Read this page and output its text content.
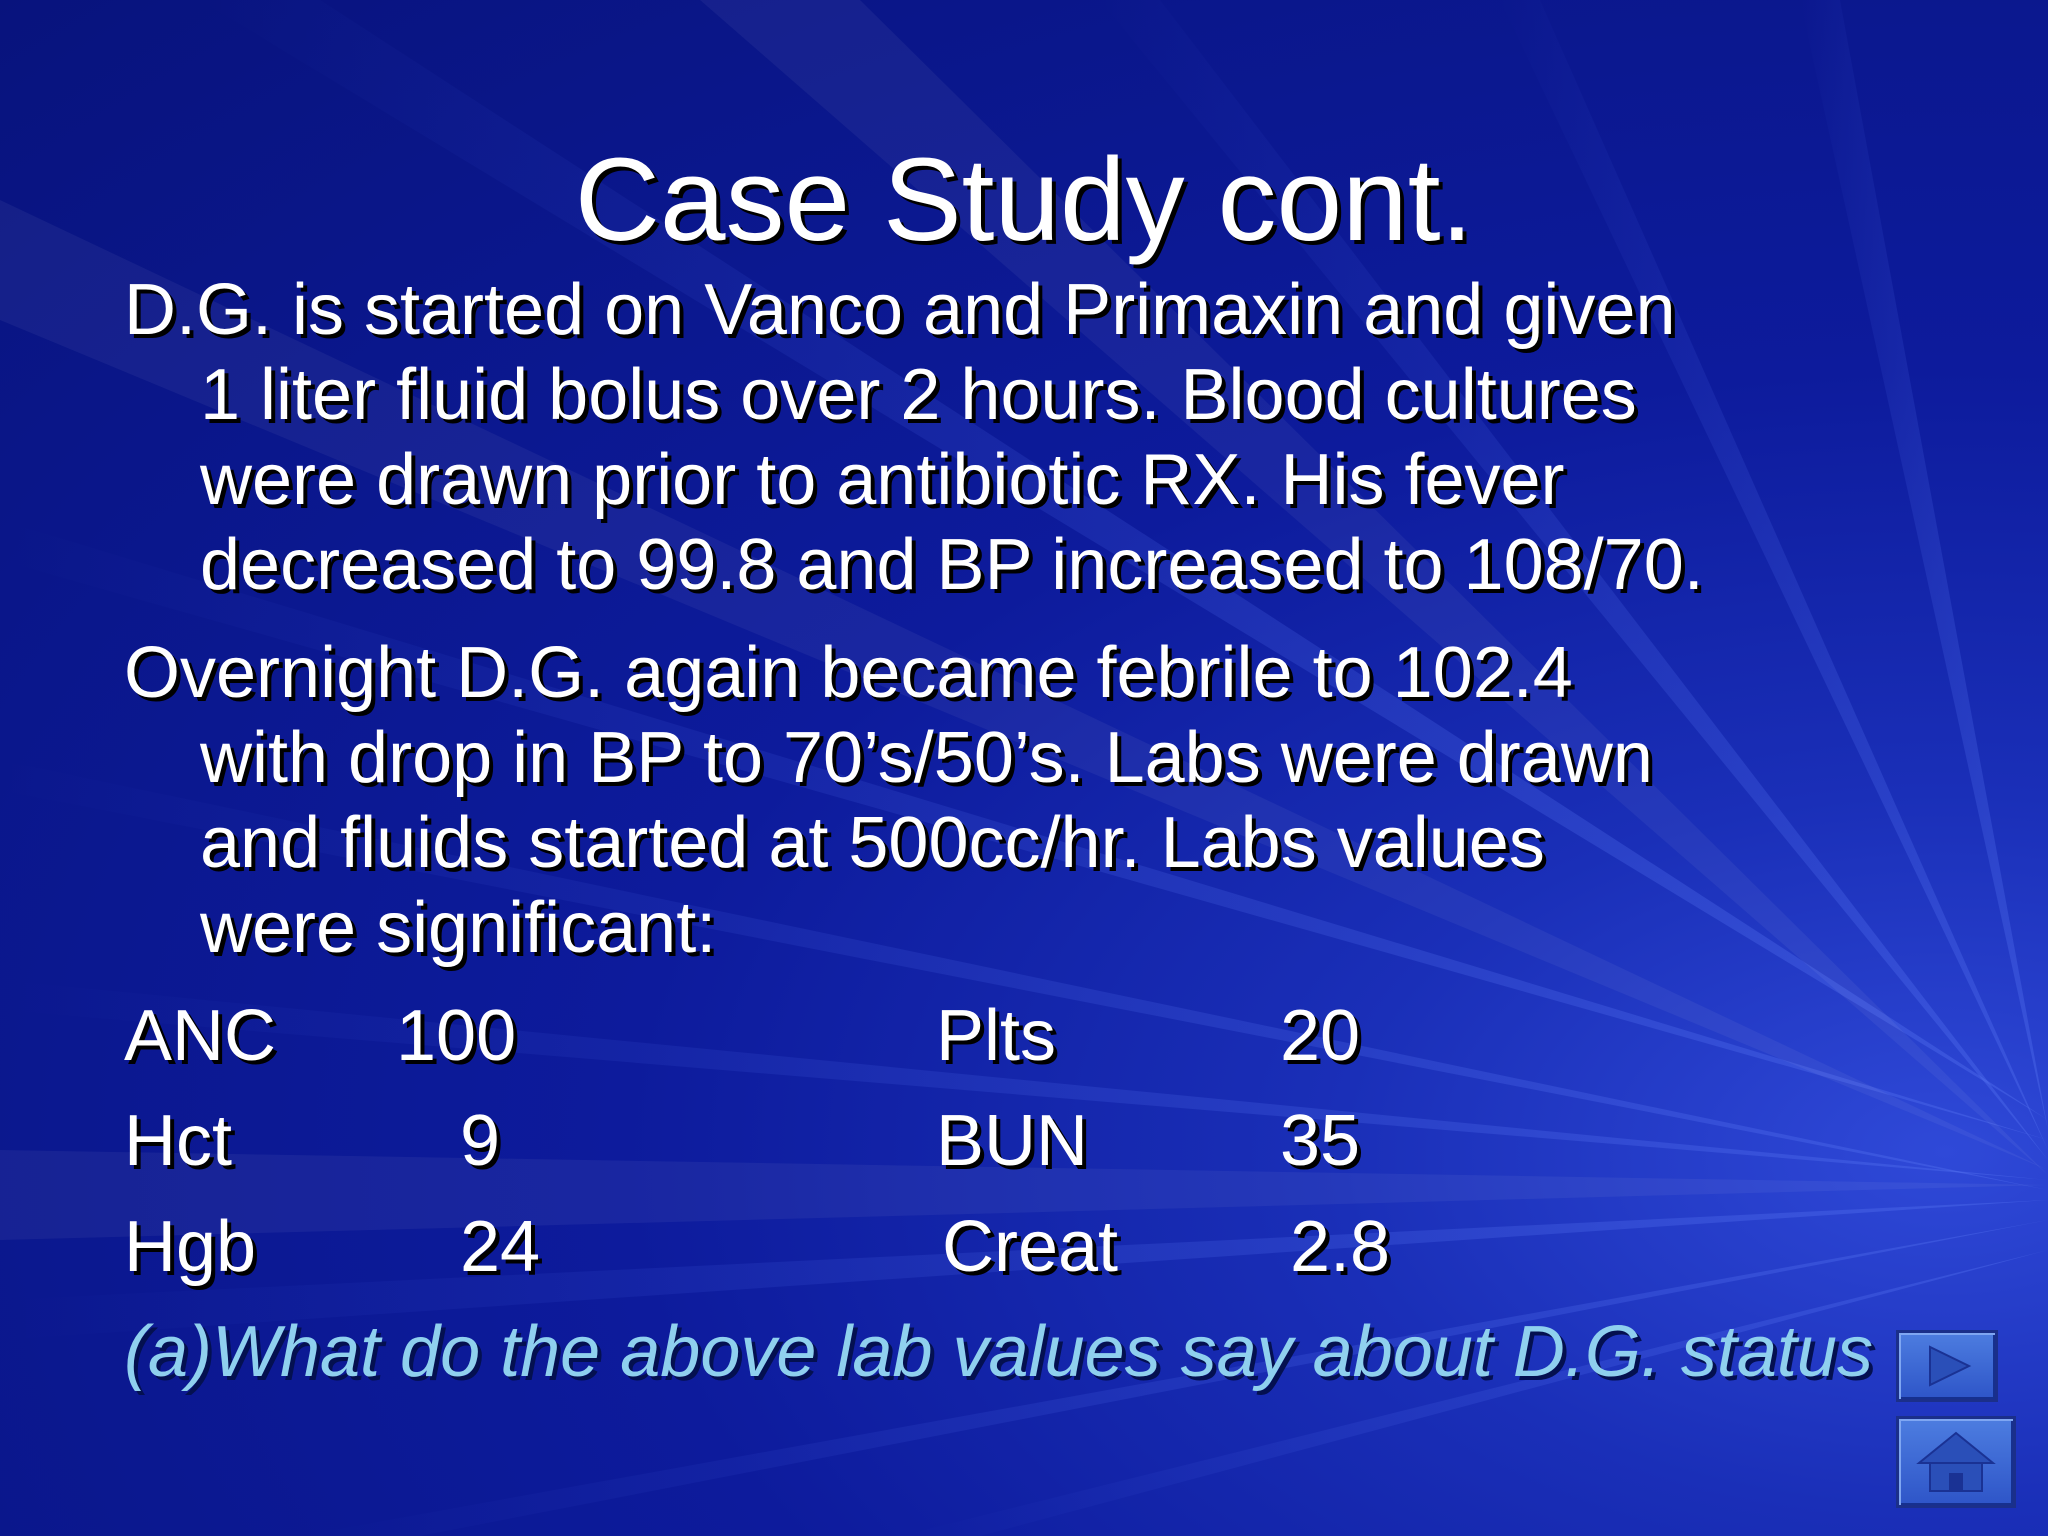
Case Study cont.
D.G. is started on Vanco and Primaxin and given
1 liter fluid bolus over 2 hours. Blood cultures
were drawn prior to antibiotic RX. His fever
decreased to 99.8 and BP increased to 108/70.
Overnight D.G. again became febrile to 102.4
with drop in BP to 70’s/50’s. Labs were drawn
and fluids started at 500cc/hr. Labs values
were significant:
ANC 100	Plts	20
Hct	9	BUN	35
Hgb	24	Creat 2.8
(a)What do the above lab values say about D.G. status
